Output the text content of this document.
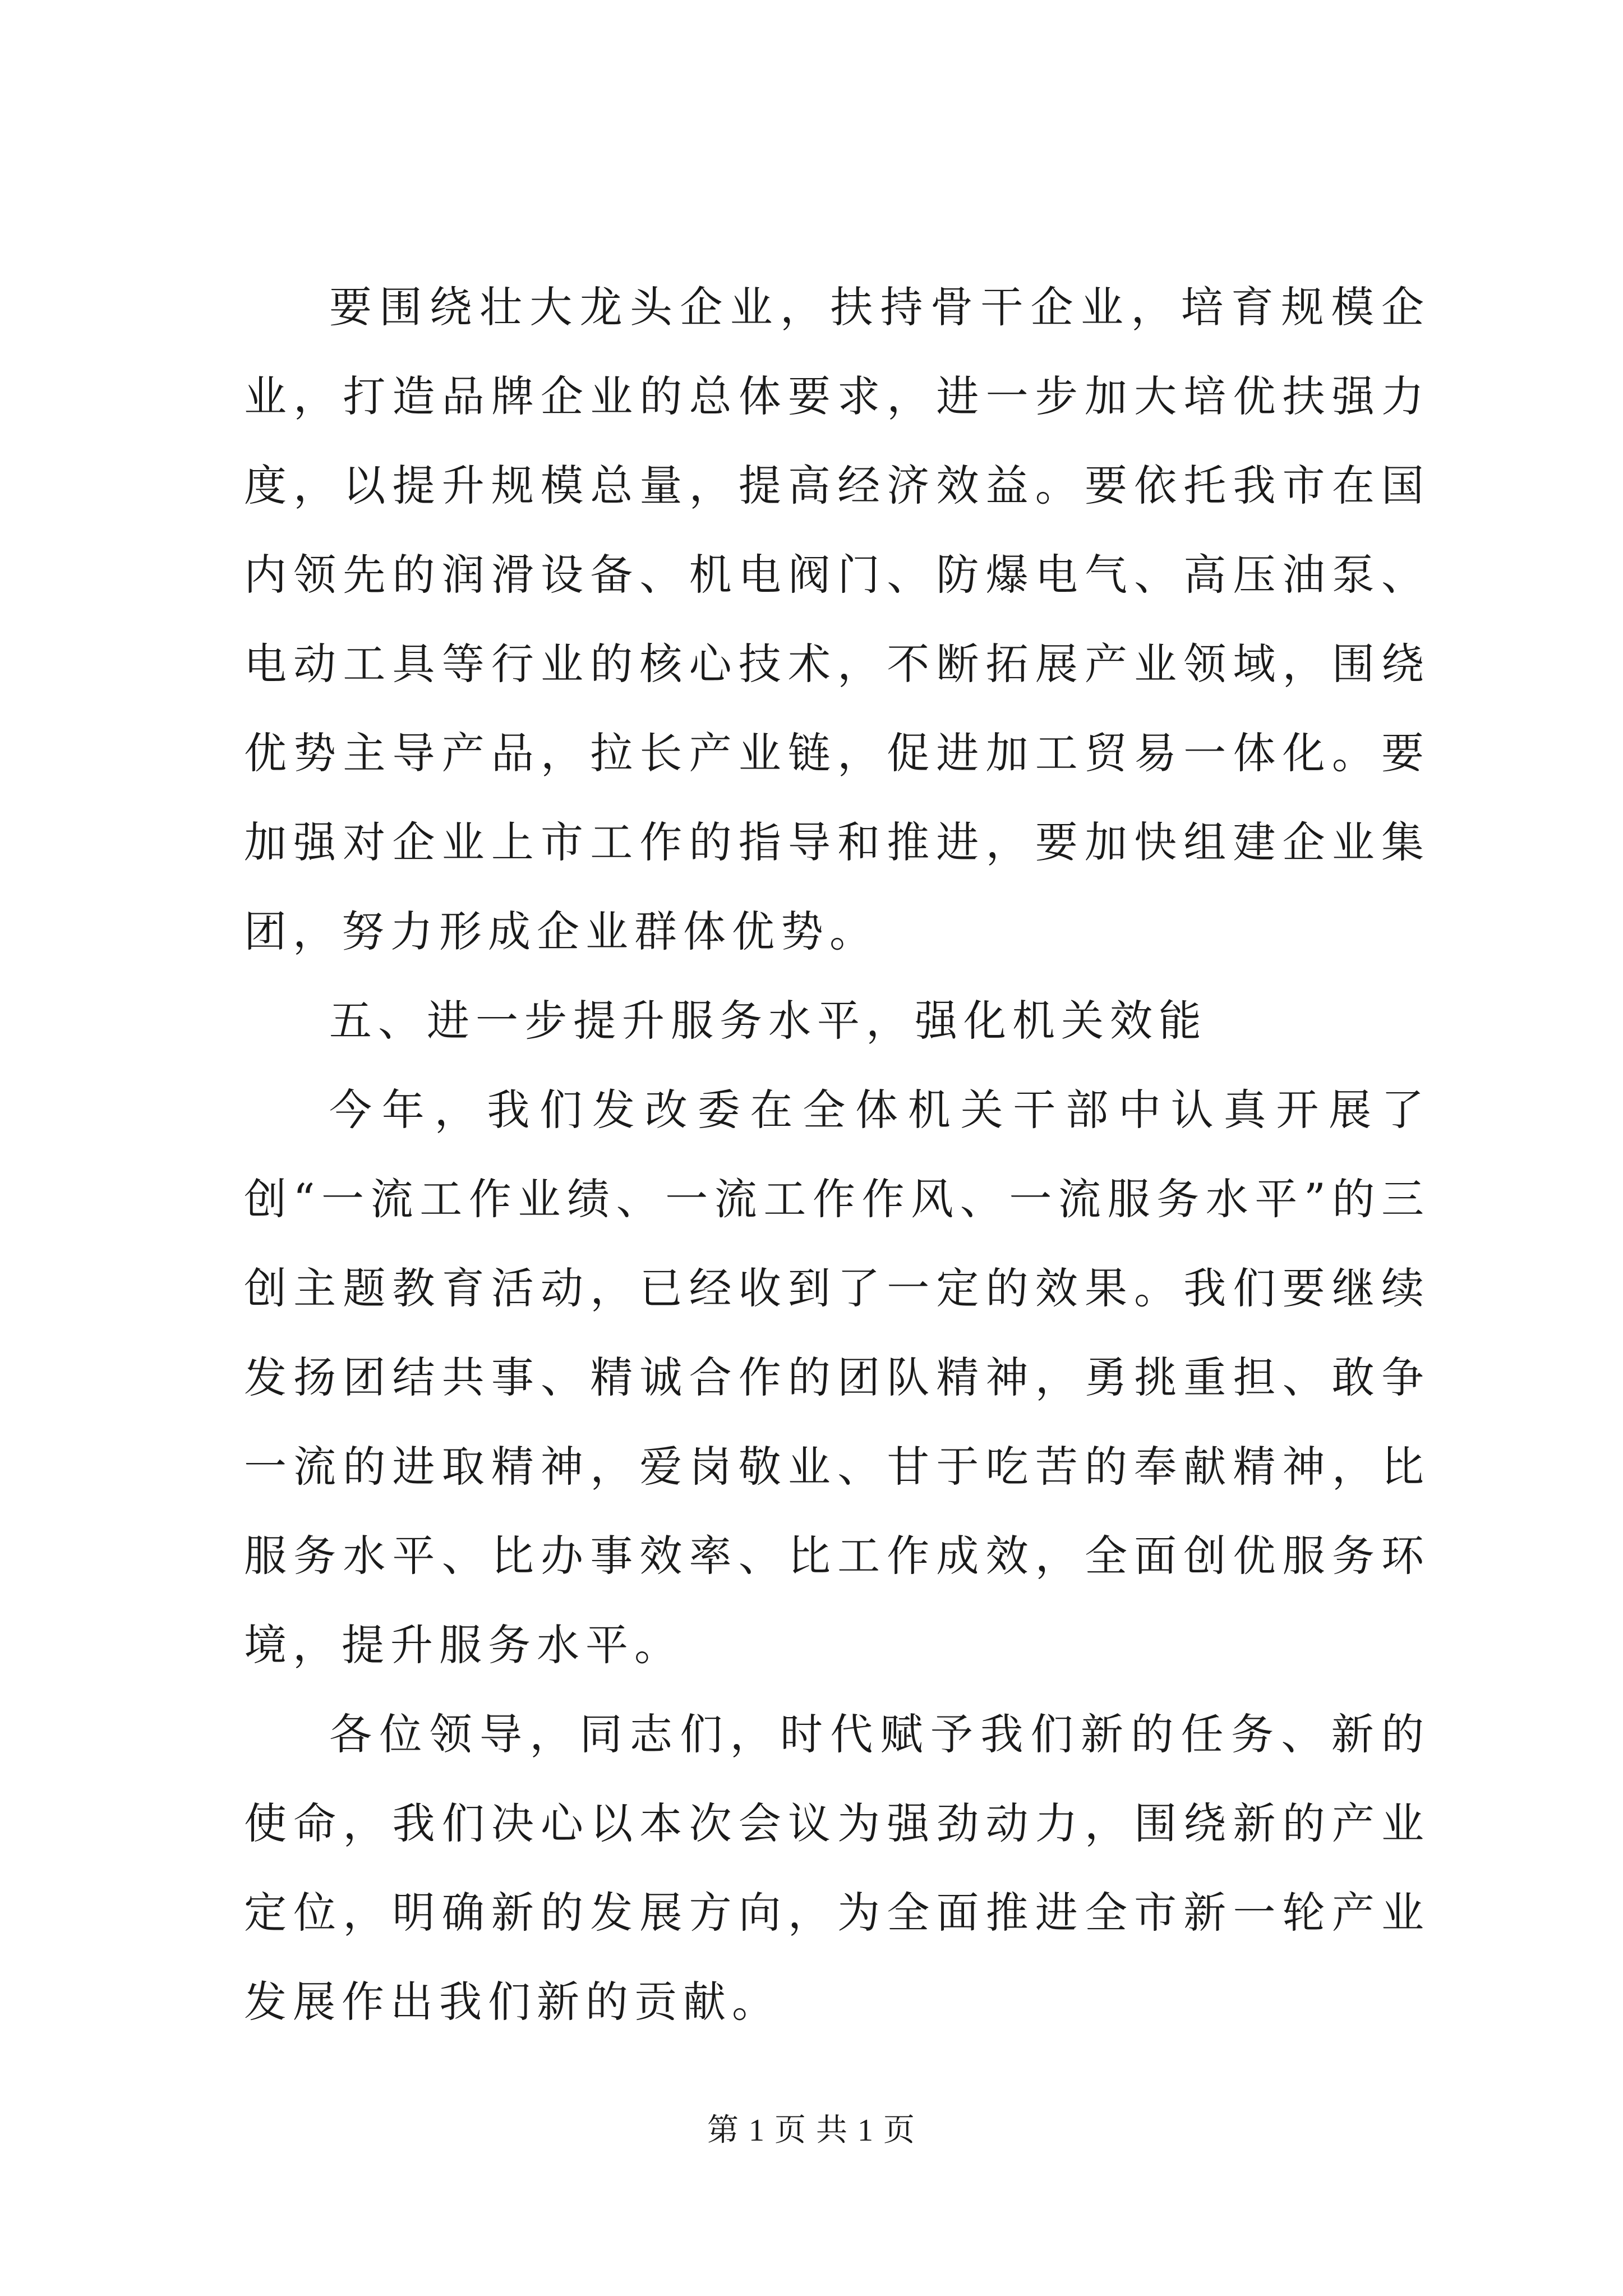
要围绕壮大龙头企业，扶持骨干企业，培育规模企业，打造品牌企业的总体要求，进一步加大培优扶强力度，以提升规模总量，提高经济效益。要依托我市在国内领先的润滑设备、机电阀门、防爆电气、高压油泵、电动工具等行业的核心技术，不断拓展产业领域，围绕优势主导产品，拉长产业链，促进加工贸易一体化。要加强对企业上市工作的指导和推进，要加快组建企业集团，努力形成企业群体优势。

五、进一步提升服务水平，强化机关效能

今年，我们发改委在全体机关干部中认真开展了创“一流工作业绩、一流工作作风、一流服务水平”的三创主题教育活动，已经收到了一定的效果。我们要继续发扬团结共事、精诚合作的团队精神，勇挑重担、敢争一流的进取精神，爱岗敬业、甘于吃苦的奉献精神，比服务水平、比办事效率、比工作成效，全面创优服务环境，提升服务水平。

各位领导，同志们，时代赋予我们新的任务、新的使命，我们决心以本次会议为强劲动力，围绕新的产业定位，明确新的发展方向，为全面推进全市新一轮产业发展作出我们新的贡献。

第 1 页 共 1 页
